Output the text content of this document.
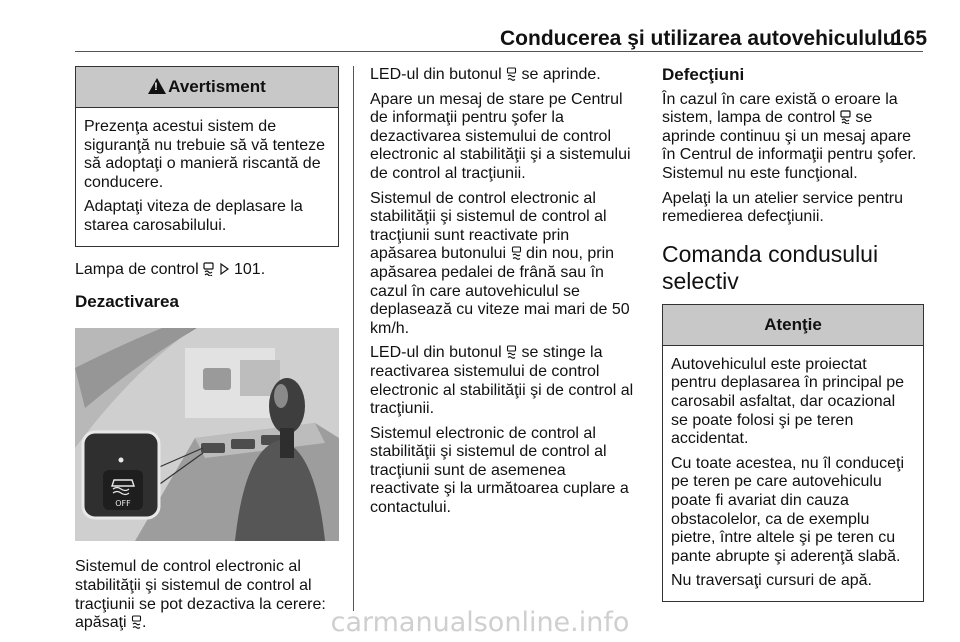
Conducerea şi utilizarea autovehiculului
165
!Avertisment

Prezenţa acestui sistem de siguranţă nu trebuie să vă tenteze să adoptaţi o manieră riscantă de conducere.

Adaptaţi viteza de deplasare la starea carosabilului.

Lampa de control 101.

Dezactivarea
OFF

Sistemul de control electronic al stabilităţii şi sistemul de control al tracţiunii se pot dezactiva la cerere: apăsaţi .

LED-ul din butonul se aprinde.

Apare un mesaj de stare pe Centrul de informaţii pentru şofer la dezactivarea sistemului de control electronic al stabilităţii şi a sistemului de control al tracţiunii.

Sistemul de control electronic al stabilităţii şi sistemul de control al tracţiunii sunt reactivate prin apăsarea butonului din nou, prin apăsarea pedalei de frână sau în cazul în care autovehiculul se deplasează cu viteze mai mari de 50 km/h.

LED-ul din butonul se stinge la reactivarea sistemului de control electronic al stabilităţii şi de control al tracţiunii.

Sistemul electronic de control al stabilităţii şi sistemul de control al tracţiunii sunt de asemenea reactivate şi la următoarea cuplare a contactului.

Defecţiuni

În cazul în care există o eroare la sistem, lampa de control se aprinde continuu şi un mesaj apare în Centrul de informaţii pentru şofer. Sistemul nu este funcţional.

Apelaţi la un atelier service pentru remedierea defecţiunii.

Comanda condusului selectiv
Atenţie

Autovehiculul este proiectat pentru deplasarea în principal pe carosabil asfaltat, dar ocazional se poate folosi şi pe teren accidentat.

Cu toate acestea, nu îl conduceţi pe teren pe care autovehiculu poate fi avariat din cauza obstacolelor, ca de exemplu pietre, între altele şi pe teren cu pante abrupte şi aderenţă slabă.

Nu traversaţi cursuri de apă.

carmanualsonline.info
